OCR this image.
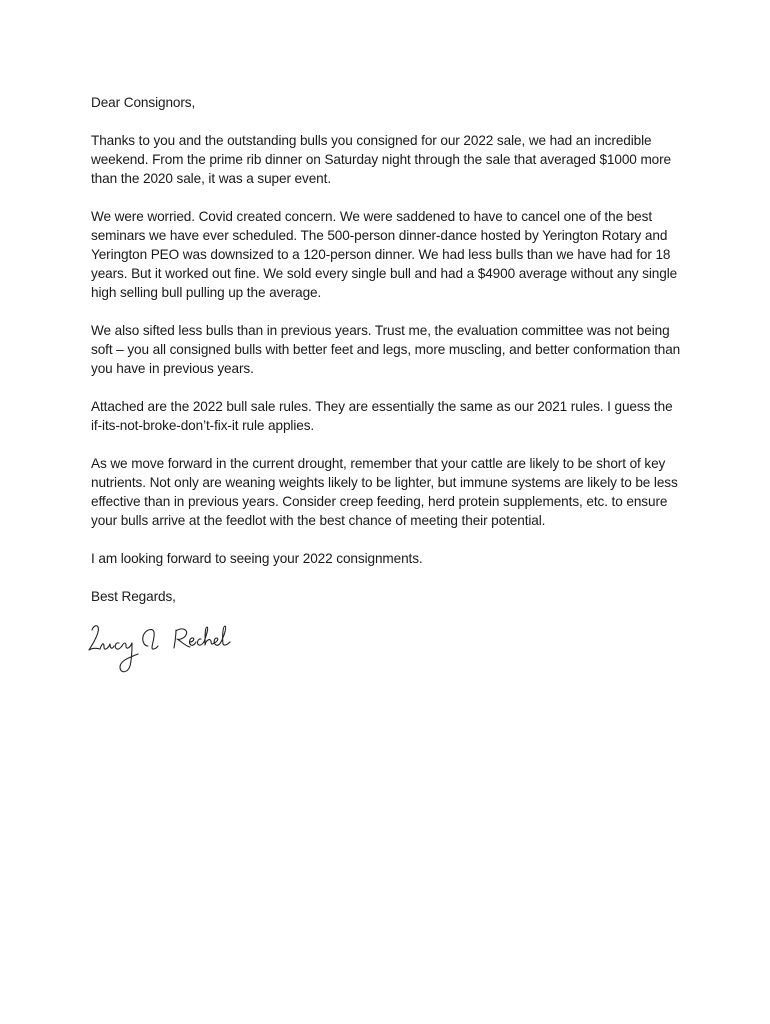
Dear Consignors,

Thanks to you and the outstanding bulls you consigned for our 2022 sale, we had an incredible weekend. From the prime rib dinner on Saturday night through the sale that averaged $1000 more than the 2020 sale, it was a super event.

We were worried. Covid created concern. We were saddened to have to cancel one of the best seminars we have ever scheduled. The 500-person dinner-dance hosted by Yerington Rotary and Yerington PEO was downsized to a 120-person dinner. We had less bulls than we have had for 18 years. But it worked out fine. We sold every single bull and had a $4900 average without any single high selling bull pulling up the average.

We also sifted less bulls than in previous years. Trust me, the evaluation committee was not being soft – you all consigned bulls with better feet and legs, more muscling, and better conformation than you have in previous years.

Attached are the 2022 bull sale rules. They are essentially the same as our 2021 rules. I guess the if-its-not-broke-don’t-fix-it rule applies.

As we move forward in the current drought, remember that your cattle are likely to be short of key nutrients. Not only are weaning weights likely to be lighter, but immune systems are likely to be less effective than in previous years. Consider creep feeding, herd protein supplements, etc. to ensure your bulls arrive at the feedlot with the best chance of meeting their potential.

I am looking forward to seeing your 2022 consignments.

Best Regards,
